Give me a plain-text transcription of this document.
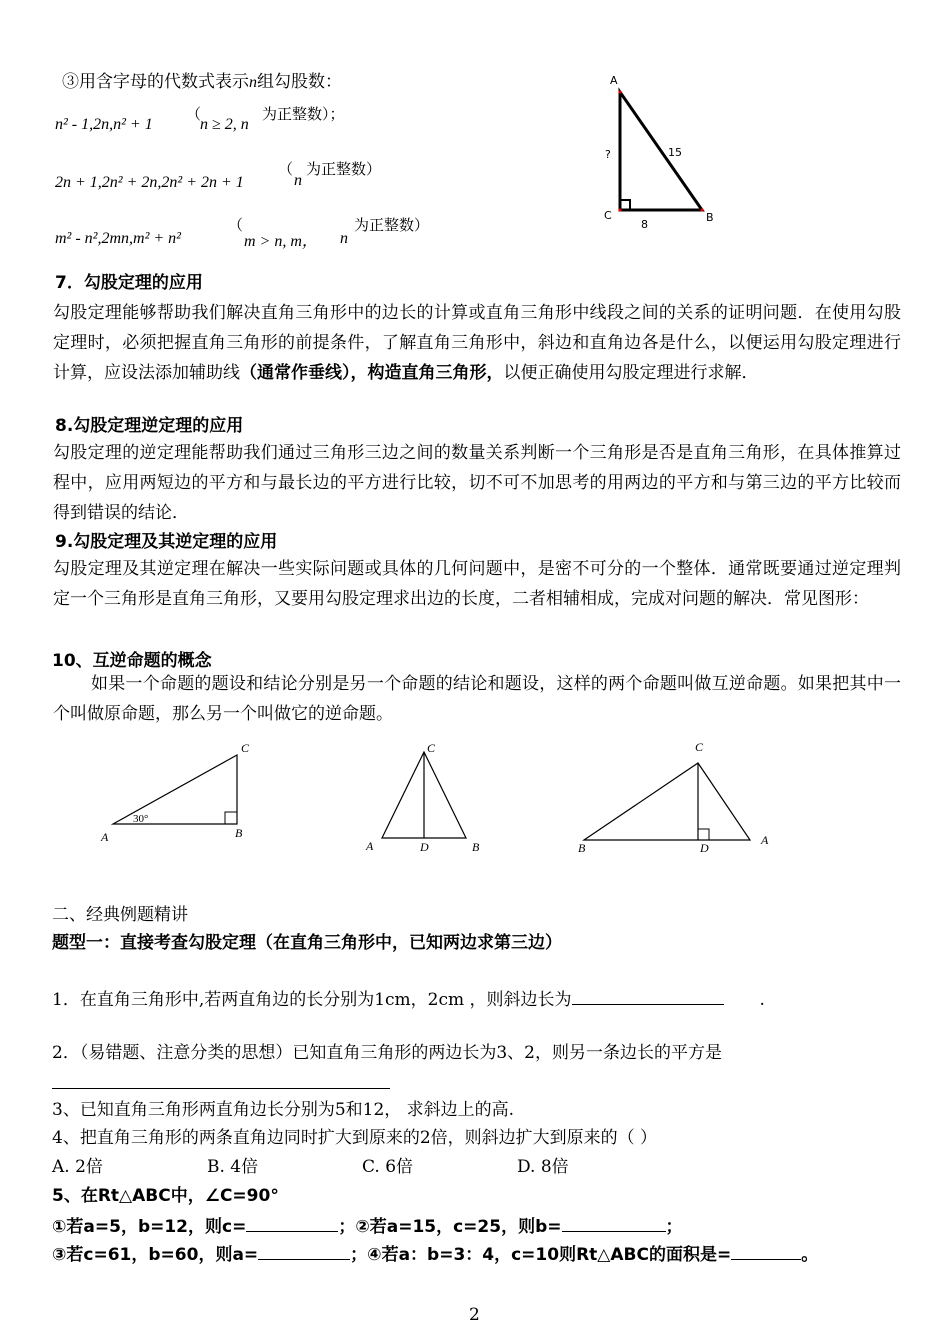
③用含字母的代数式表示n组勾股数：
n² - 1,2n,n² + 1
（
n ≥ 2, n
为正整数）；
2n + 1,2n² + 2n,2n² + 2n + 1
（
n
为正整数）
m² - n²,2mn,m² + n²
（
m > n, m， n
为正整数）
A
C	B
15
?
8
7．勾股定理的应用
勾股定理能够帮助我们解决直角三角形中的边长的计算或直角三角形中线段之间的关系的证明问题．在使用勾股定理时，必须把握直角三角形的前提条件，了解直角三角形中，斜边和直角边各是什么，以便运用勾股定理进行计算，应设法添加辅助线（通常作垂线），构造直角三角形，以便正确使用勾股定理进行求解．
8.勾股定理逆定理的应用
勾股定理的逆定理能帮助我们通过三角形三边之间的数量关系判断一个三角形是否是直角三角形，在具体推算过程中，应用两短边的平方和与最长边的平方进行比较，切不可不加思考的用两边的平方和与第三边的平方比较而得到错误的结论．
9.勾股定理及其逆定理的应用
勾股定理及其逆定理在解决一些实际问题或具体的几何问题中，是密不可分的一个整体．通常既要通过逆定理判定一个三角形是直角三角形，又要用勾股定理求出边的长度，二者相辅相成，完成对问题的解决．常见图形：
10、互逆命题的概念
如果一个命题的题设和结论分别是另一个命题的结论和题设，这样的两个命题叫做互逆命题。如果把其中一个叫做原命题，那么另一个叫做它的逆命题。
C
A	B
30°
C
A	D	B
C
B	D
A
二、经典例题精讲
题型一：直接考查勾股定理（在直角三角形中，已知两边求第三边）
1．在直角三角形中,若两直角边的长分别为1cm，2cm ，则斜边长为	.
2．（易错题、注意分类的思想）已知直角三角形的两边长为3、2，则另一条边长的平方是
3、已知直角三角形两直角边长分别为5和12， 求斜边上的高.
4、把直角三角形的两条直角边同时扩大到原来的2倍，则斜边扩大到原来的（ ）
A. 2倍	B. 4倍	C. 6倍	D. 8倍
5、在Rt△ABC中，∠C=90°
①若a=5，b=12，则c=	；②若a=15，c=25，则b=	；
③若c=61，b=60，则a=	；④若a：b=3：4，c=10则Rt△ABC的面积是=	。
2
